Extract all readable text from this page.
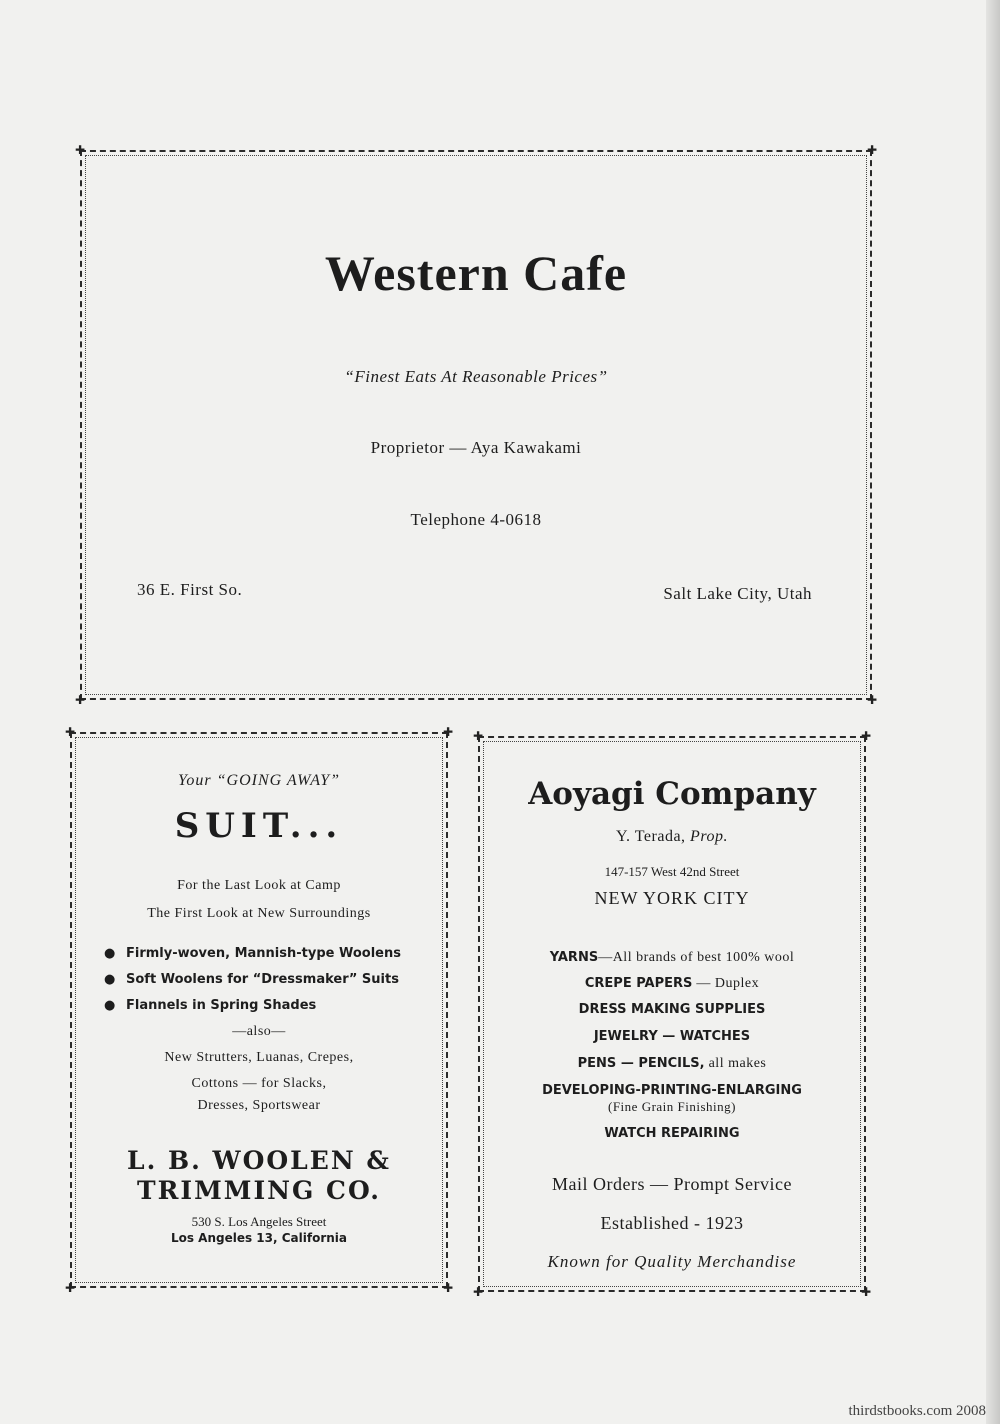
✚	✚
✚	✚
Western Cafe
“Finest Eats At Reasonable Prices”
Proprietor — Aya Kawakami
Telephone 4-0618
36 E. First So.	Salt Lake City, Utah
✚	✚
✚	✚
Your “GOING AWAY”
SUIT...
For the Last Look at Camp
The First Look at New Surroundings
● Firmly-woven, Mannish-type Woolens
● Soft Woolens for “Dressmaker” Suits
● Flannels in Spring Shades
—also—
New Strutters, Luanas, Crepes,
Cottons — for Slacks,
Dresses, Sportswear
L. B. WOOLEN &
TRIMMING CO.
530 S. Los Angeles Street
Los Angeles 13, California
✚	✚
✚	✚
Aoyagi Company
Y. Terada, Prop.
147-157 West 42nd Street
NEW YORK CITY
YARNS—All brands of best 100% wool
CREPE PAPERS — Duplex
DRESS MAKING SUPPLIES
JEWELRY — WATCHES
PENS — PENCILS, all makes
DEVELOPING-PRINTING-ENLARGING
(Fine Grain Finishing)
WATCH REPAIRING
Mail Orders — Prompt Service
Established - 1923
Known for Quality Merchandise
thirdstbooks.com 2008
